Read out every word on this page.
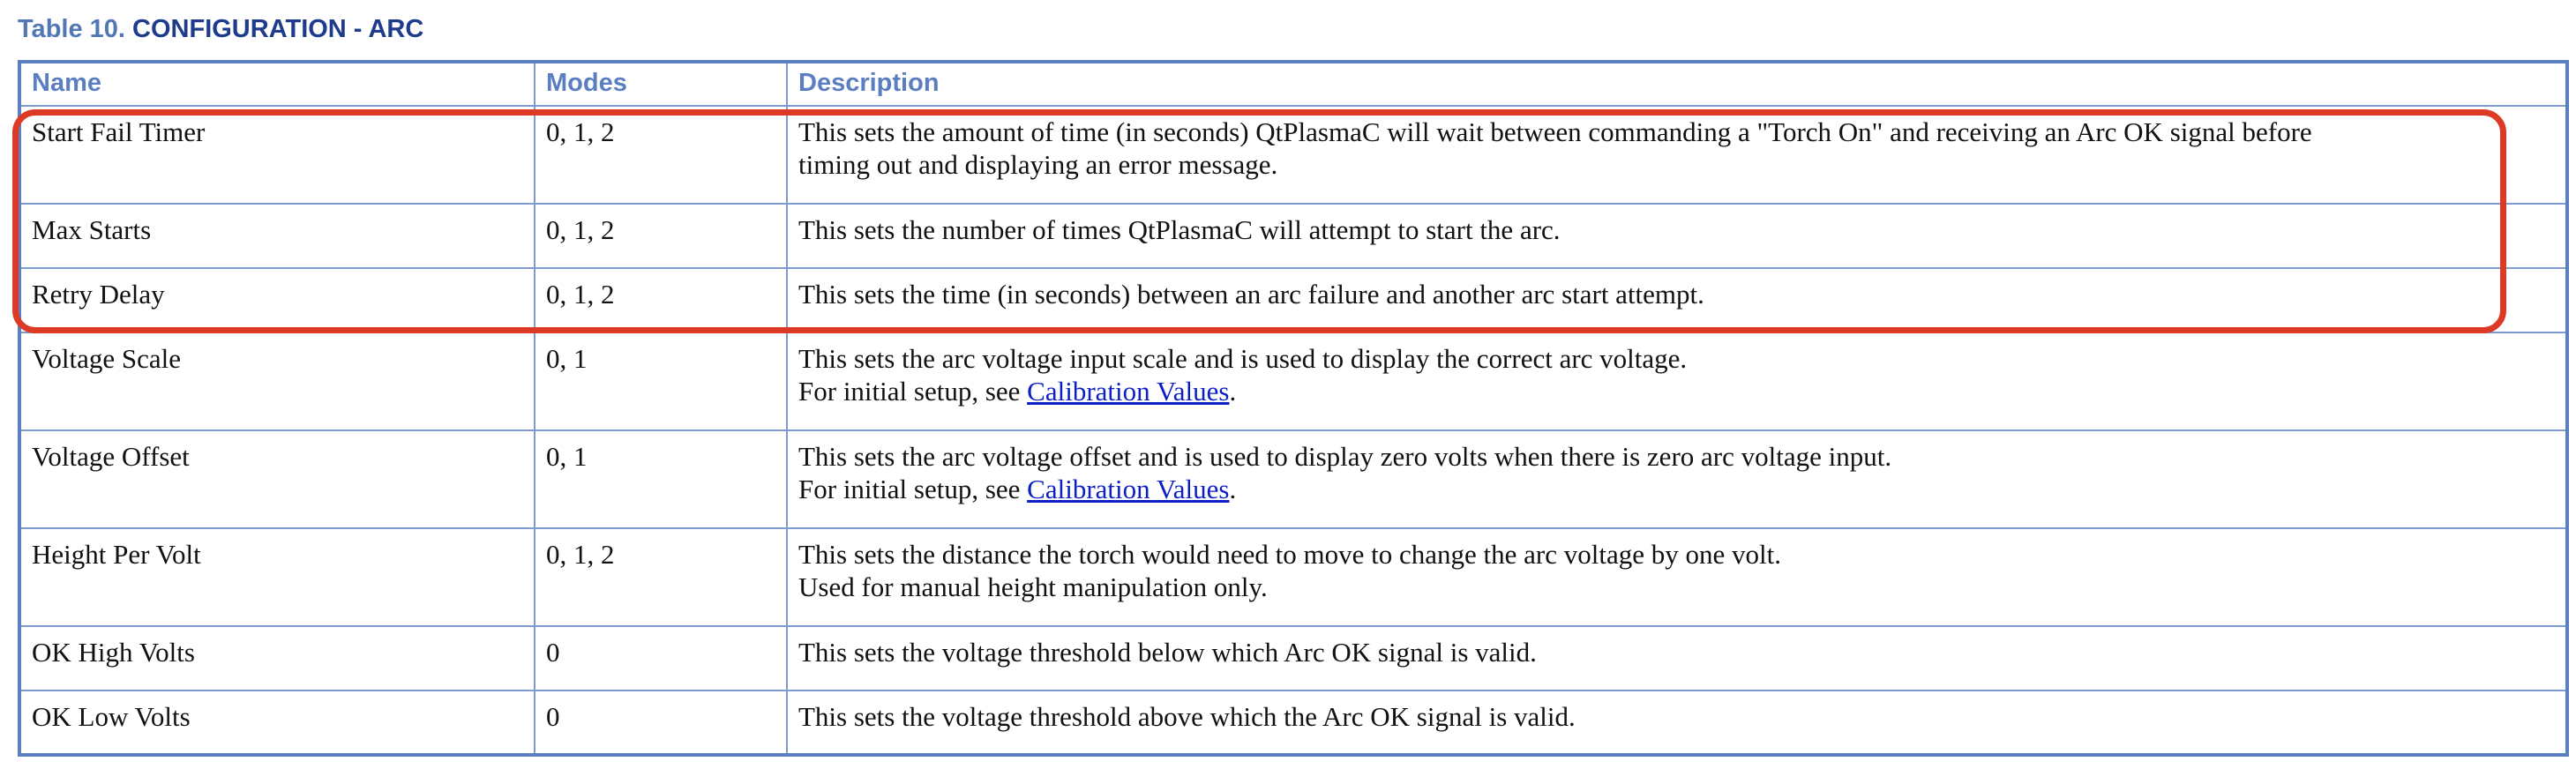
Table 10. CONFIGURATION - ARC
Name	Modes	Description
Start Fail Timer	0, 1, 2	This sets the amount of time (in seconds) QtPlasmaC will wait between commanding a "Torch On" and receiving an Arc OK signal before
timing out and displaying an error message.

Max Starts	0, 1, 2	This sets the number of times QtPlasmaC will attempt to start the arc.

Retry Delay	0, 1, 2	This sets the time (in seconds) between an arc failure and another arc start attempt.

Voltage Scale	0, 1	This sets the arc voltage input scale and is used to display the correct arc voltage.
For initial setup, see Calibration Values.

Voltage Offset	0, 1	This sets the arc voltage offset and is used to display zero volts when there is zero arc voltage input.
For initial setup, see Calibration Values.

Height Per Volt	0, 1, 2	This sets the distance the torch would need to move to change the arc voltage by one volt.
Used for manual height manipulation only.

OK High Volts	0	This sets the voltage threshold below which Arc OK signal is valid.

OK Low Volts	0	This sets the voltage threshold above which the Arc OK signal is valid.
